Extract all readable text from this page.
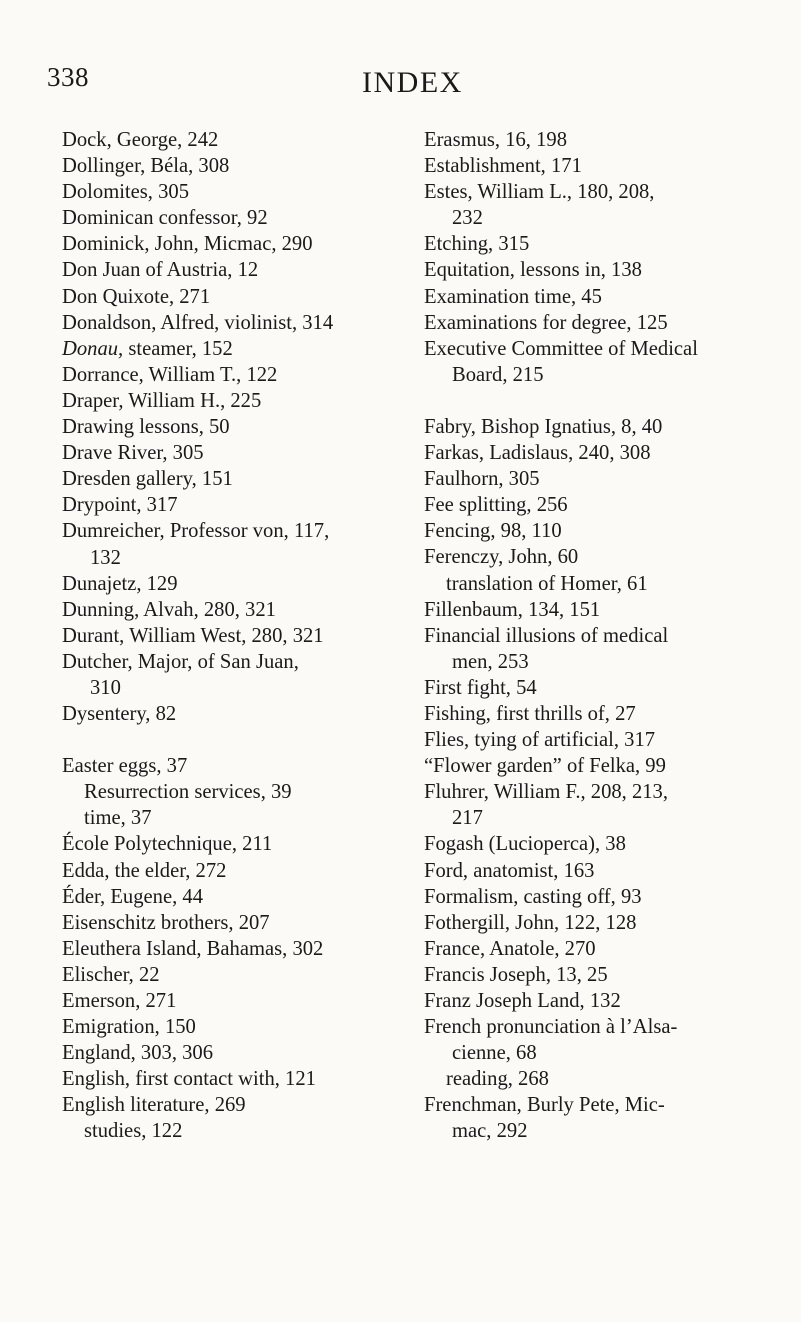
338	INDEX
Dock, George, 242
Dollinger, Béla, 308
Dolomites, 305
Dominican confessor, 92
Dominick, John, Micmac, 290
Don Juan of Austria, 12
Don Quixote, 271
Donaldson, Alfred, violinist, 314
Donau, steamer, 152
Dorrance, William T., 122
Draper, William H., 225
Drawing lessons, 50
Drave River, 305
Dresden gallery, 151
Drypoint, 317
Dumreicher, Professor von, 117,
132
Dunajetz, 129
Dunning, Alvah, 280, 321
Durant, William West, 280, 321
Dutcher, Major, of San Juan,
310
Dysentery, 82
Easter eggs, 37
Resurrection services, 39
time, 37
École Polytechnique, 211
Edda, the elder, 272
Éder, Eugene, 44
Eisenschitz brothers, 207
Eleuthera Island, Bahamas, 302
Elischer, 22
Emerson, 271
Emigration, 150
England, 303, 306
English, first contact with, 121
English literature, 269
studies, 122
Erasmus, 16, 198
Establishment, 171
Estes, William L., 180, 208,
232
Etching, 315
Equitation, lessons in, 138
Examination time, 45
Examinations for degree, 125
Executive Committee of Medical
Board, 215
Fabry, Bishop Ignatius, 8, 40
Farkas, Ladislaus, 240, 308
Faulhorn, 305
Fee splitting, 256
Fencing, 98, 110
Ferenczy, John, 60
translation of Homer, 61
Fillenbaum, 134, 151
Financial illusions of medical
men, 253
First fight, 54
Fishing, first thrills of, 27
Flies, tying of artificial, 317
“Flower garden” of Felka, 99
Fluhrer, William F., 208, 213,
217
Fogash (Lucioperca), 38
Ford, anatomist, 163
Formalism, casting off, 93
Fothergill, John, 122, 128
France, Anatole, 270
Francis Joseph, 13, 25
Franz Joseph Land, 132
French pronunciation à l’Alsa-
cienne, 68
reading, 268
Frenchman, Burly Pete, Mic-
mac, 292
